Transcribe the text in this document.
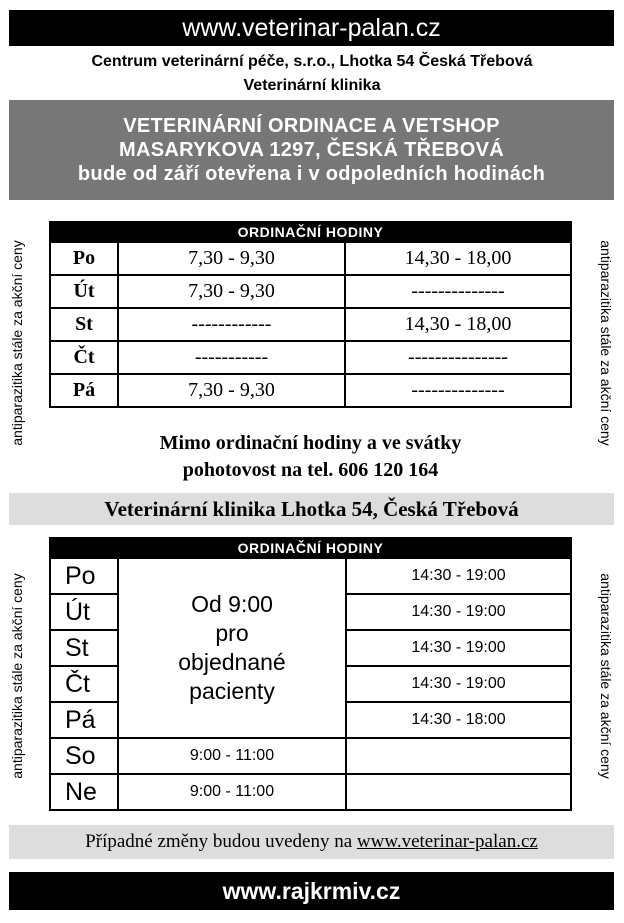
www.veterinar-palan.cz
Centrum veterinární péče, s.r.o., Lhotka 54 Česká Třebová
Veterinární klinika
VETERINÁRNÍ ORDINACE A VETSHOP
MASARYKOVA 1297, ČESKÁ TŘEBOVÁ
bude od září otevřena i v odpoledních hodinách
antiparazitika stále za akční ceny	antiparazitika stále za akční ceny
antiparazitika stále za akční ceny	antiparazitika stále za akční ceny
ORDINAČNÍ HODINY		
Po	7,30 - 9,30	14,30 - 18,00
Út	7,30 - 9,30	--------------
St	------------	14,30 - 18,00
Čt	-----------	---------------
Pá	7,30 - 9,30	--------------
Mimo ordinační hodiny a ve svátky
pohotovost na tel. 606 120 164
Veterinární klinika Lhotka 54, Česká Třebová
ORDINAČNÍ HODINY		
Po	Od 9:00
pro
objednané
pacienty	14:30 - 19:00
Út		14:30 - 19:00
St		14:30 - 19:00
Čt		14:30 - 19:00
Pá		14:30 - 18:00
So	9:00 - 11:00	
Ne	9:00 - 11:00	
Případné změny budou uvedeny na www.veterinar-palan.cz
www.rajkrmiv.cz
